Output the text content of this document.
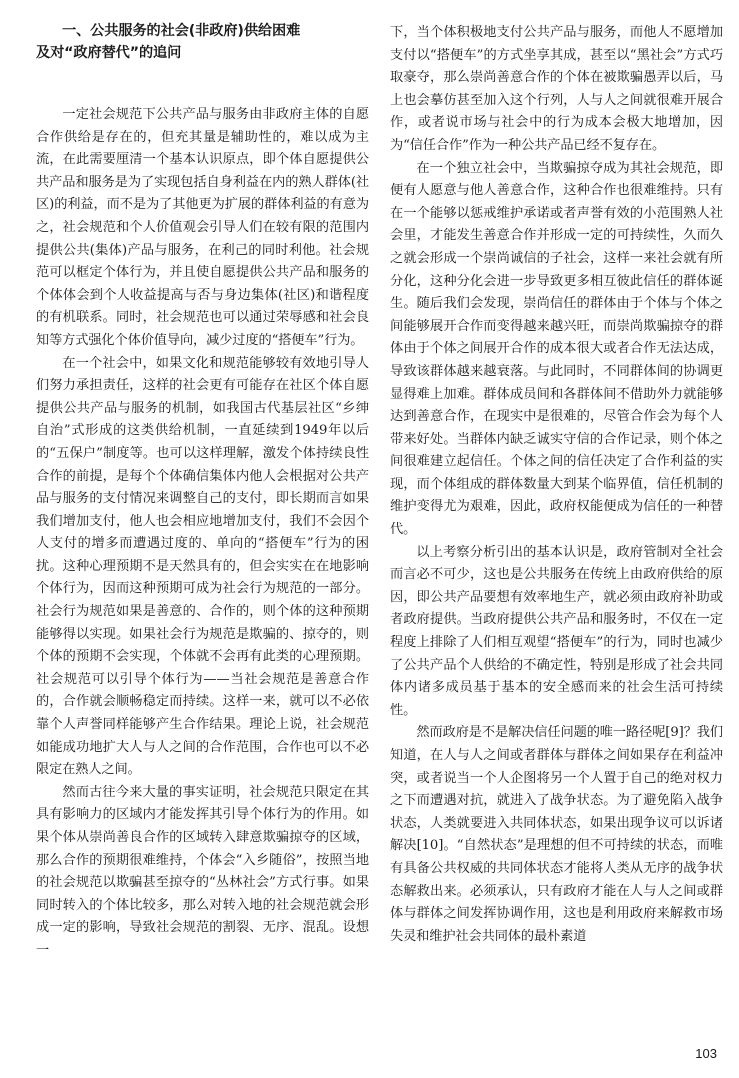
一、公共服务的社会(非政府)供给困难
及对“政府替代”的追问

一定社会规范下公共产品与服务由非政府主体的自愿合作供给是存在的，但充其量是辅助性的，难以成为主流，在此需要厘清一个基本认识原点，即个体自愿提供公共产品和服务是为了实现包括自身利益在内的熟人群体(社区)的利益，而不是为了其他更为扩展的群体利益的有意为之，社会规范和个人价值观会引导人们在较有限的范围内提供公共(集体)产品与服务，在利己的同时利他。社会规范可以框定个体行为，并且使自愿提供公共产品和服务的个体体会到个人收益提高与否与身边集体(社区)和谐程度的有机联系。同时，社会规范也可以通过荣辱感和社会良知等方式强化个体价值导向，减少过度的“搭便车”行为。

在一个社会中，如果文化和规范能够较有效地引导人们努力承担责任，这样的社会更有可能存在社区个体自愿提供公共产品与服务的机制，如我国古代基层社区“乡绅自治”式形成的这类供给机制，一直延续到1949年以后的“五保户”制度等。也可以这样理解，激发个体持续良性合作的前提，是每个个体确信集体内他人会根据对公共产品与服务的支付情况来调整自己的支付，即长期而言如果我们增加支付，他人也会相应地增加支付，我们不会因个人支付的增多而遭遇过度的、单向的“搭便车”行为的困扰。这种心理预期不是天然具有的，但会实实在在地影响个体行为，因而这种预期可成为社会行为规范的一部分。社会行为规范如果是善意的、合作的，则个体的这种预期能够得以实现。如果社会行为规范是欺骗的、掠夺的，则个体的预期不会实现，个体就不会再有此类的心理预期。社会规范可以引导个体行为——当社会规范是善意合作的，合作就会顺畅稳定而持续。这样一来，就可以不必依靠个人声誉同样能够产生合作结果。理论上说，社会规范如能成功地扩大人与人之间的合作范围，合作也可以不必限定在熟人之间。

然而古往今来大量的事实证明，社会规范只限定在其具有影响力的区域内才能发挥其引导个体行为的作用。如果个体从崇尚善良合作的区域转入肆意欺骗掠夺的区域，那么合作的预期很难维持，个体会“入乡随俗”，按照当地的社会规范以欺骗甚至掠夺的“丛林社会”方式行事。如果同时转入的个体比较多，那么对转入地的社会规范就会形成一定的影响，导致社会规范的割裂、无序、混乱。设想一

下，当个体积极地支付公共产品与服务，而他人不愿增加支付以“搭便车”的方式坐享其成，甚至以“黑社会”方式巧取豪夺，那么崇尚善意合作的个体在被欺骗愚弄以后，马上也会摹仿甚至加入这个行列，人与人之间就很难开展合作，或者说市场与社会中的行为成本会极大地增加，因为“信任合作”作为一种公共产品已经不复存在。

在一个独立社会中，当欺骗掠夺成为其社会规范，即便有人愿意与他人善意合作，这种合作也很难维持。只有在一个能够以惩戒维护承诺或者声誉有效的小范围熟人社会里，才能发生善意合作并形成一定的可持续性，久而久之就会形成一个崇尚诚信的子社会，这样一来社会就有所分化，这种分化会进一步导致更多相互彼此信任的群体诞生。随后我们会发现，崇尚信任的群体由于个体与个体之间能够展开合作而变得越来越兴旺，而崇尚欺骗掠夺的群体由于个体之间展开合作的成本很大或者合作无法达成，导致该群体越来越衰落。与此同时，不同群体间的协调更显得难上加难。群体成员间和各群体间不借助外力就能够达到善意合作，在现实中是很难的，尽管合作会为每个人带来好处。当群体内缺乏诚实守信的合作记录，则个体之间很难建立起信任。个体之间的信任决定了合作利益的实现，而个体组成的群体数量大到某个临界值，信任机制的维护变得尤为艰难，因此，政府权能便成为信任的一种替代。

以上考察分析引出的基本认识是，政府管制对全社会而言必不可少，这也是公共服务在传统上由政府供给的原因，即公共产品要想有效率地生产，就必须由政府补助或者政府提供。当政府提供公共产品和服务时，不仅在一定程度上排除了人们相互观望“搭便车”的行为，同时也减少了公共产品个人供给的不确定性，特别是形成了社会共同体内诸多成员基于基本的安全感而来的社会生活可持续性。

然而政府是不是解决信任问题的唯一路径呢[9]？我们知道，在人与人之间或者群体与群体之间如果存在利益冲突，或者说当一个人企图将另一个人置于自己的绝对权力之下而遭遇对抗，就进入了战争状态。为了避免陷入战争状态，人类就要进入共同体状态，如果出现争议可以诉诸解决[10]。“自然状态”是理想的但不可持续的状态，而唯有具备公共权威的共同体状态才能将人类从无序的战争状态解救出来。必须承认，只有政府才能在人与人之间或群体与群体之间发挥协调作用，这也是利用政府来解救市场失灵和维护社会共同体的最朴素道

103
